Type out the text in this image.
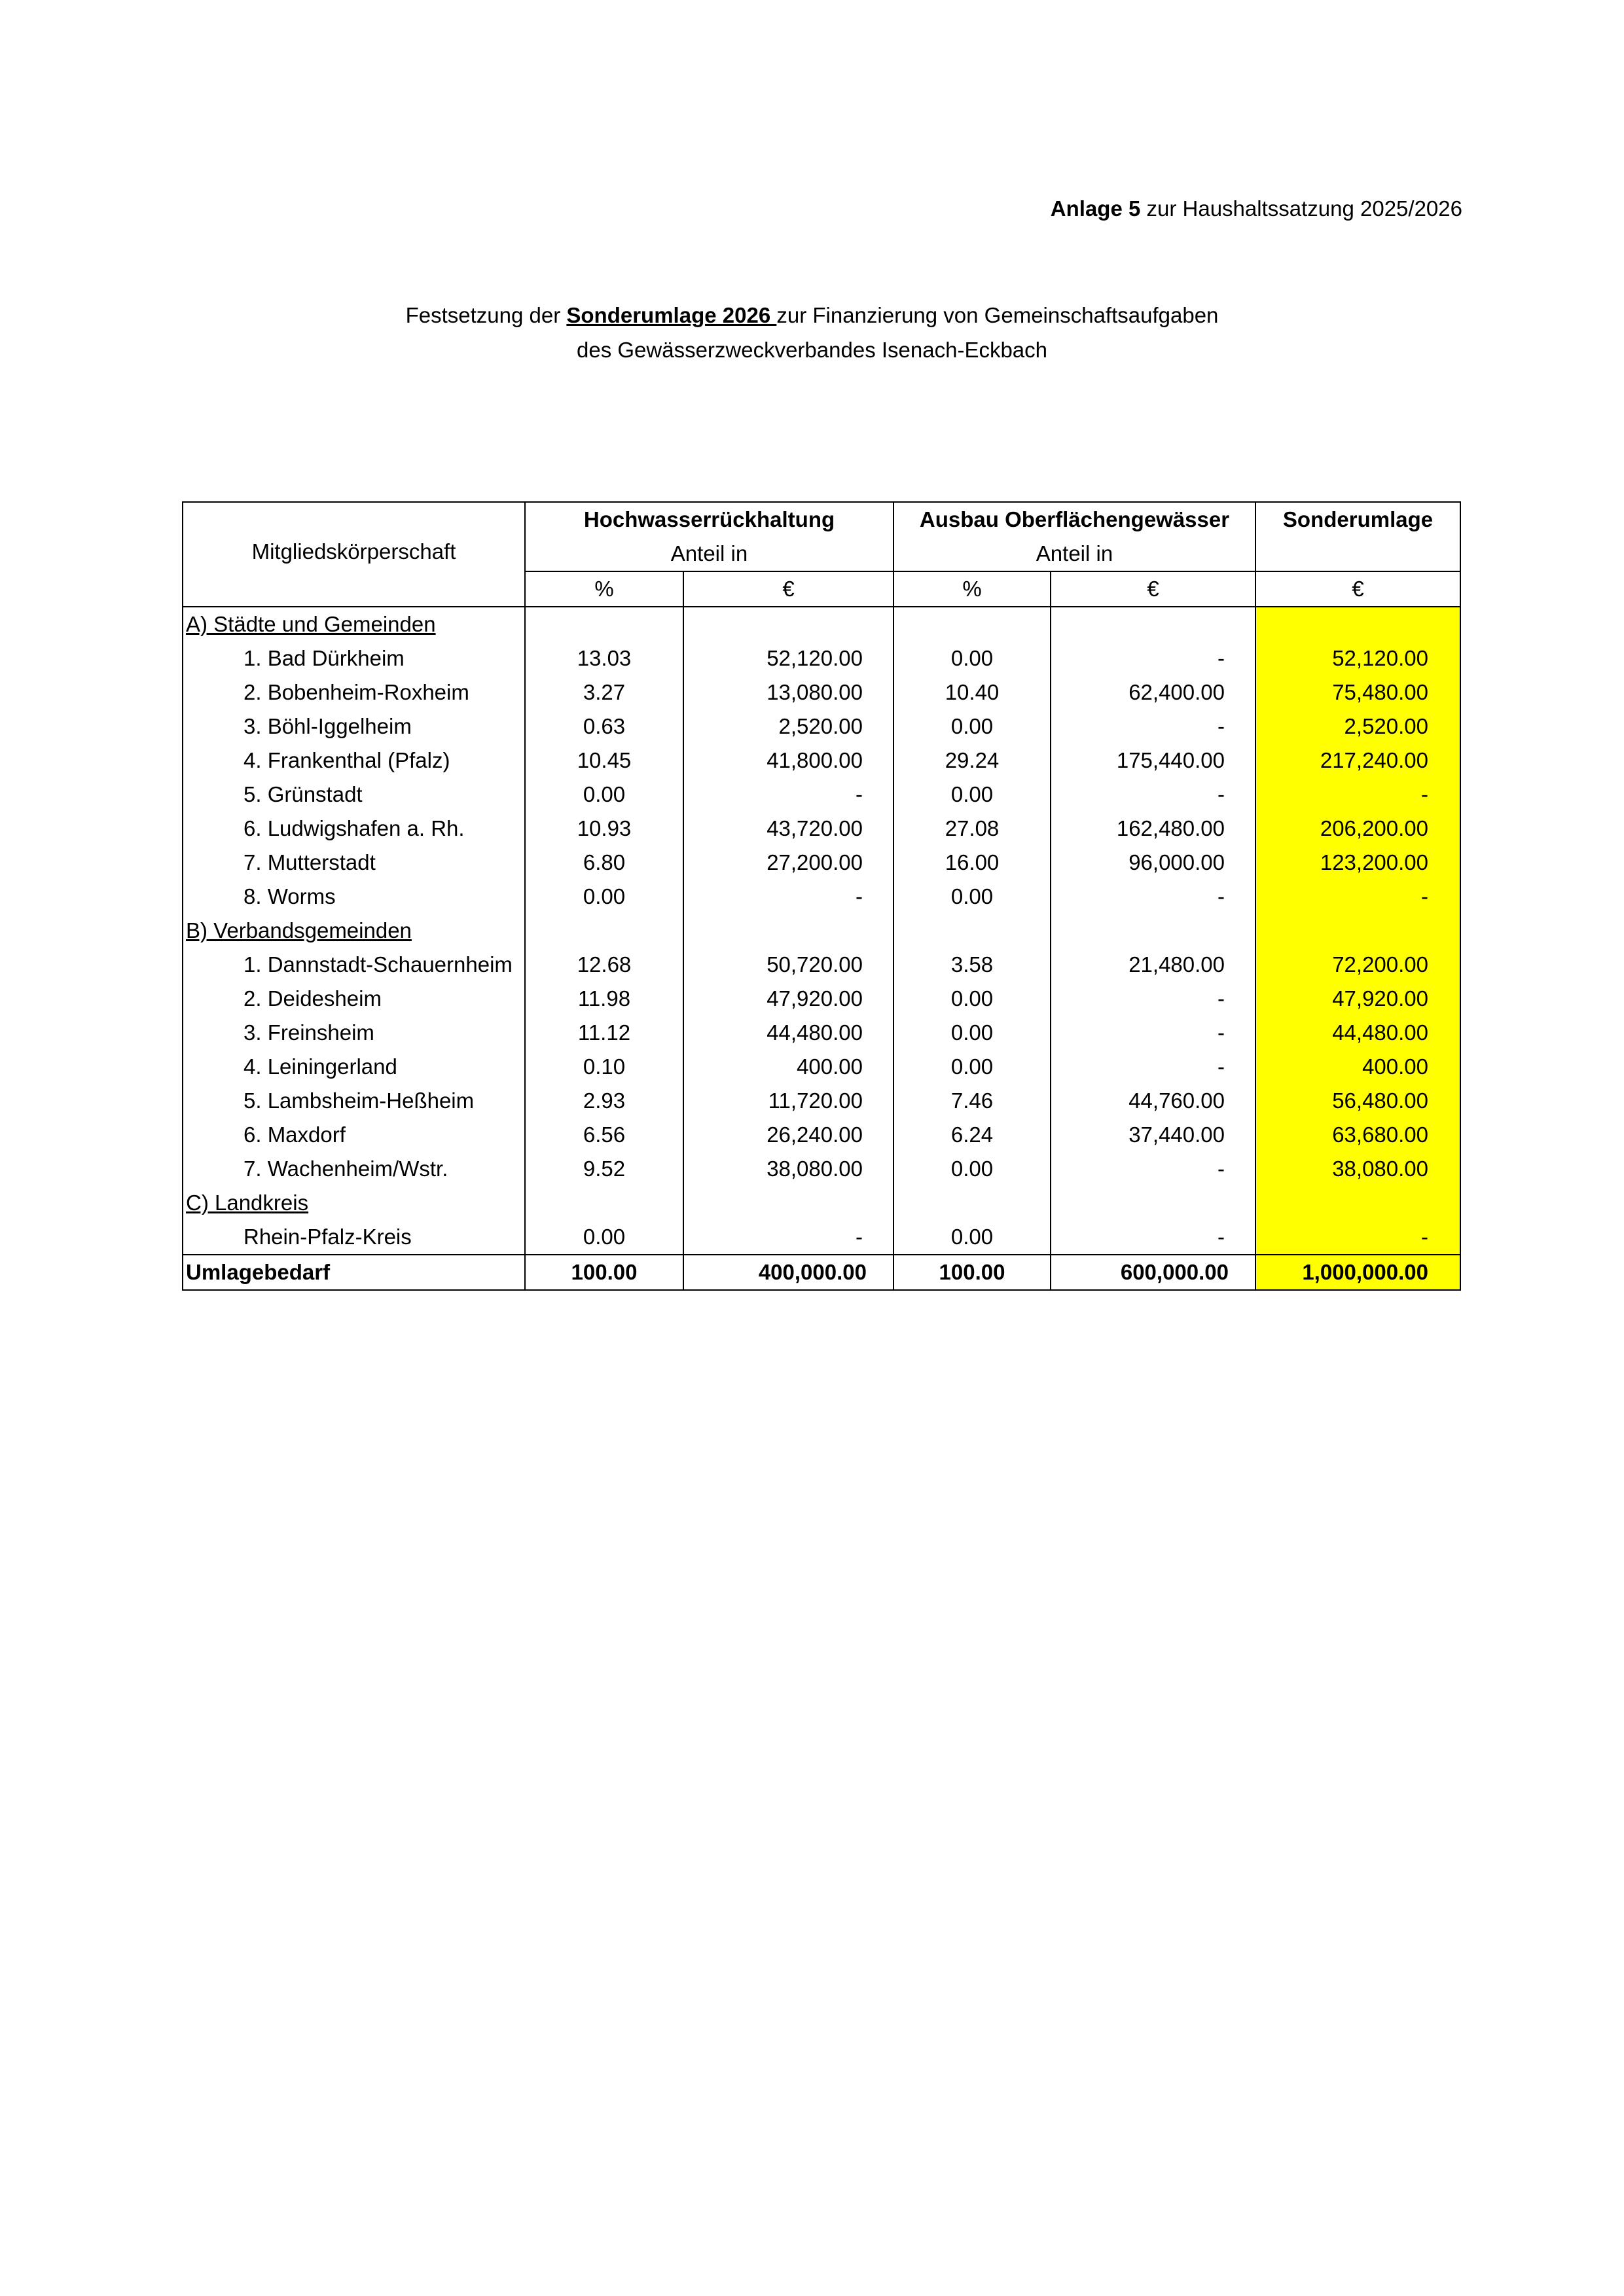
Anlage 5 zur Haushaltssatzung 2025/2026
Festsetzung der Sonderumlage 2026 zur Finanzierung von Gemeinschaftsaufgaben
des Gewässerzweckverbandes Isenach-Eckbach
Mitgliedskörperschaft	Hochwasserrückhaltung		Ausbau Oberflächengewässer		Sonderumlage
	Anteil in		Anteil in		
	%	€	%	€	€
A) Städte und Gemeinden					
1. Bad Dürkheim	13.03	52,120.00	0.00	-	52,120.00
2. Bobenheim-Roxheim	3.27	13,080.00	10.40	62,400.00	75,480.00
3. Böhl-Iggelheim	0.63	2,520.00	0.00	-	2,520.00
4. Frankenthal (Pfalz)	10.45	41,800.00	29.24	175,440.00	217,240.00
5. Grünstadt	0.00	-	0.00	-	-
6. Ludwigshafen a. Rh.	10.93	43,720.00	27.08	162,480.00	206,200.00
7. Mutterstadt	6.80	27,200.00	16.00	96,000.00	123,200.00
8. Worms	0.00	-	0.00	-	-
B) Verbandsgemeinden					
1. Dannstadt-Schauernheim	12.68	50,720.00	3.58	21,480.00	72,200.00
2. Deidesheim	11.98	47,920.00	0.00	-	47,920.00
3. Freinsheim	11.12	44,480.00	0.00	-	44,480.00
4. Leiningerland	0.10	400.00	0.00	-	400.00
5. Lambsheim-Heßheim	2.93	11,720.00	7.46	44,760.00	56,480.00
6. Maxdorf	6.56	26,240.00	6.24	37,440.00	63,680.00
7. Wachenheim/Wstr.	9.52	38,080.00	0.00	-	38,080.00
C) Landkreis					
Rhein-Pfalz-Kreis	0.00	-	0.00	-	-
Umlagebedarf	100.00	400,000.00	100.00	600,000.00	1,000,000.00
